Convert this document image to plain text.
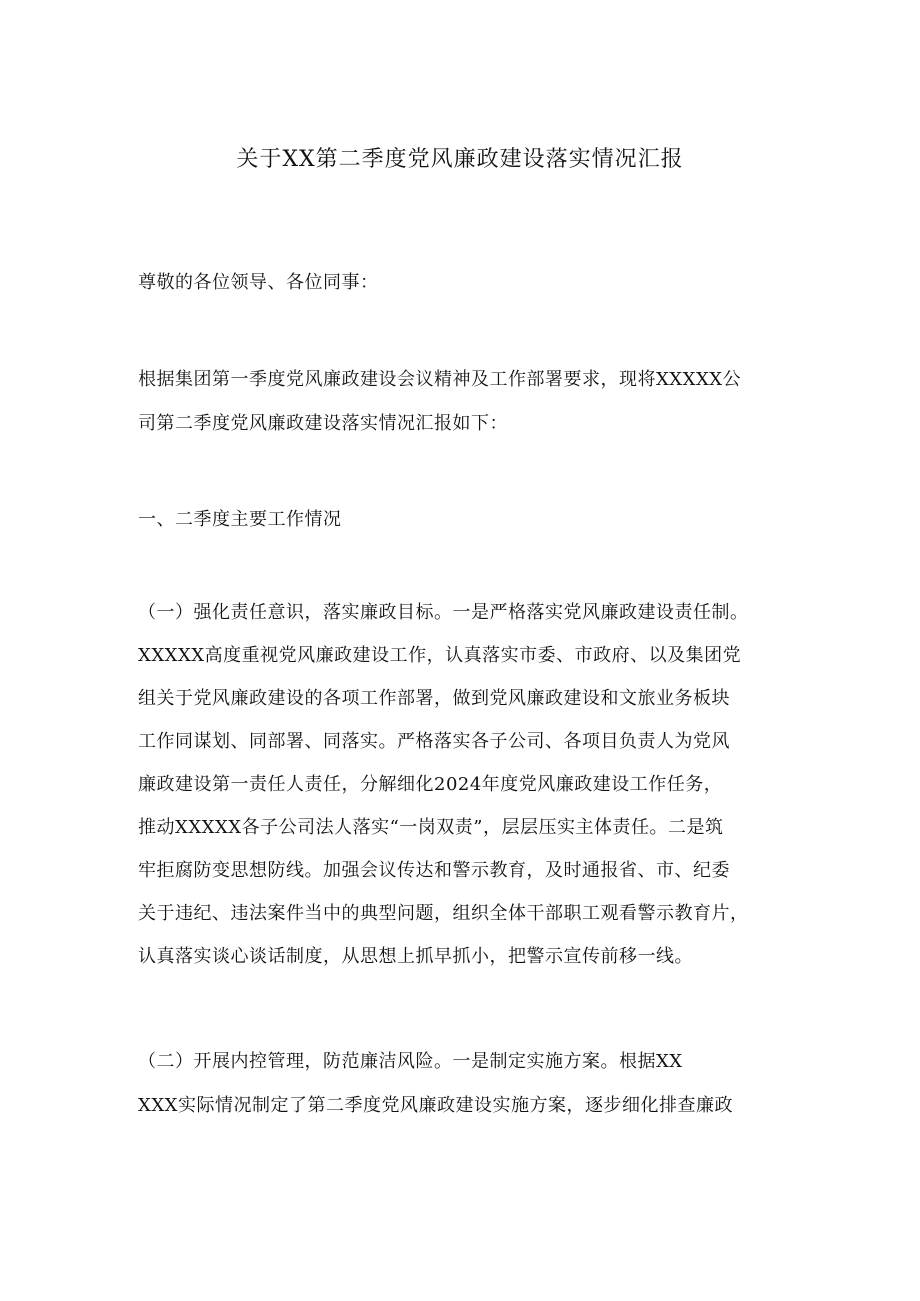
关于XX第二季度党风廉政建设落实情况汇报
尊敬的各位领导、各位同事：
根据集团第一季度党风廉政建设会议精神及工作部署要求，现将XXXXX公
司第二季度党风廉政建设落实情况汇报如下：
一、二季度主要工作情况
（一）强化责任意识，落实廉政目标。一是严格落实党风廉政建设责任制。
XXXXX高度重视党风廉政建设工作，认真落实市委、市政府、以及集团党
组关于党风廉政建设的各项工作部署，做到党风廉政建设和文旅业务板块
工作同谋划、同部署、同落实。严格落实各子公司、各项目负责人为党风
廉政建设第一责任人责任，分解细化2024年度党风廉政建设工作任务，
推动XXXXX各子公司法人落实“一岗双责”，层层压实主体责任。二是筑
牢拒腐防变思想防线。加强会议传达和警示教育，及时通报省、市、纪委
关于违纪、违法案件当中的典型问题，组织全体干部职工观看警示教育片，
认真落实谈心谈话制度，从思想上抓早抓小，把警示宣传前移一线。
（二）开展内控管理，防范廉洁风险。一是制定实施方案。根据XX
XXX实际情况制定了第二季度党风廉政建设实施方案，逐步细化排查廉政
